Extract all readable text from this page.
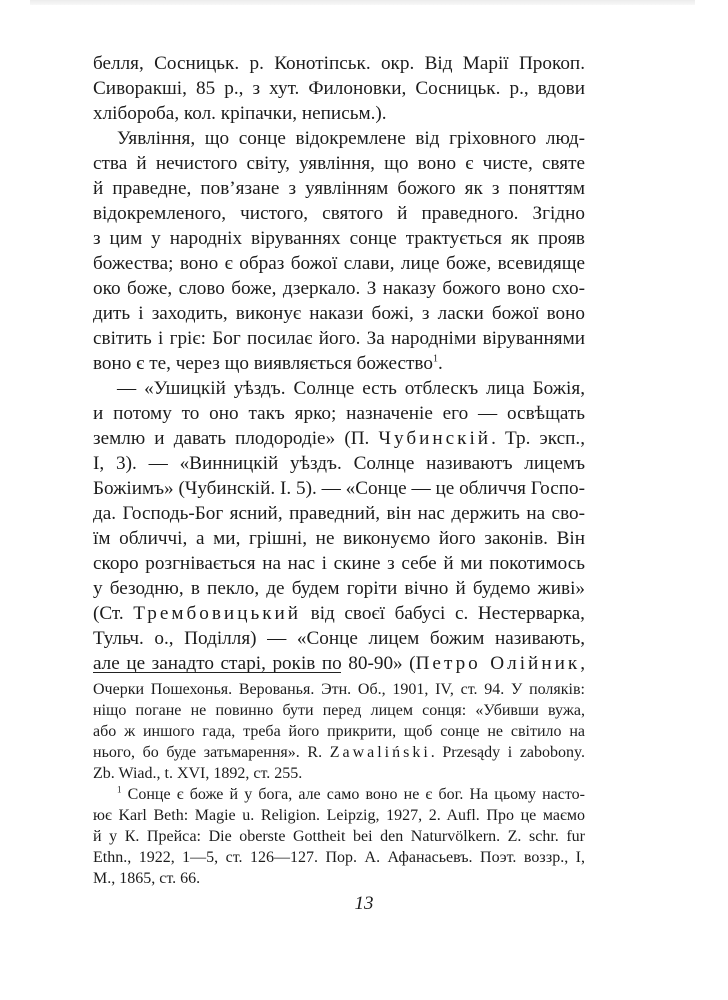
белля, Сосницьк. р. Конотіпськ. окр. Від Марії Прокоп.
Сиворакші, 85 р., з хут. Филоновки, Сосницьк. р., вдови
хлібороба, кол. кріпачки, неписьм.).

Уявління, що сонце відокремлене від гріховного люд-
ства й нечистого світу, уявління, що воно є чисте, святе
й праведне, пов’язане з уявлінням божого як з поняттям
відокремленого, чистого, святого й праведного. Згідно
з цим у народніх віруваннях сонце трактується як прояв
божества; воно є образ божої слави, лице боже, всевидяще
око боже, слово боже, дзеркало. З наказу божого воно схо-
дить і заходить, виконує накази божі, з ласки божої воно
світить і гріє: Бог посилає його. За народніми віруваннями
воно є те, через що виявляється божество$^1$.

— «Ушицкій уѣздъ. Солнце есть отблескъ лица Божія,
и потому то оно такъ ярко; назначеніе его — освѣщать
землю и давать плодородіе» (П. Чубинскій. Тр. эксп.,
І, 3). — «Винницкій уѣздъ. Солнце називаютъ лицемъ
Божіимъ» (Чубинскій. І. 5). — «Сонце — це обличчя Госпо-
да. Господь-Бог ясний, праведний, він нас держить на сво-
їм обличчі, а ми, грішні, не виконуємо його законів. Він
скоро розгнівається на нас і скине з себе й ми покотимось
у безодню, в пекло, де будем горіти вічно й будемо живі»
(Ст. Трембовицький від своєї бабусі с. Нестерварка,
Тульч. о., Поділля) — «Сонце лицем божим називають,
але це занадто старі, років по 80-90» (Петро Олійник,

Очерки Пошехонья. Верованья. Этн. Об., 1901, IV, ст. 94. У поляків:
ніщо погане не повинно бути перед лицем сонця: «Убивши вужа,
або ж иншого гада, треба його прикрити, щоб сонце не світило на
нього, бо буде затьмарення». R. Zawaliński. Przesądy i zabobony.
Zb. Wiad., t. XVI, 1892, ст. 255.
$^1$ Сонце є боже й у бога, але само воно не є бог. На цьому насто-
ює Karl Beth: Magie u. Religion. Leipzig, 1927, 2. Aufl. Про це маємо
й у К. Прейса: Die oberste Gottheit bei den Naturvölkern. Z. schr. fur
Ethn., 1922, 1—5, ст. 126—127. Пор. А. Афанасьевъ. Поэт. воззр., І,
М., 1865, ст. 66.
13
